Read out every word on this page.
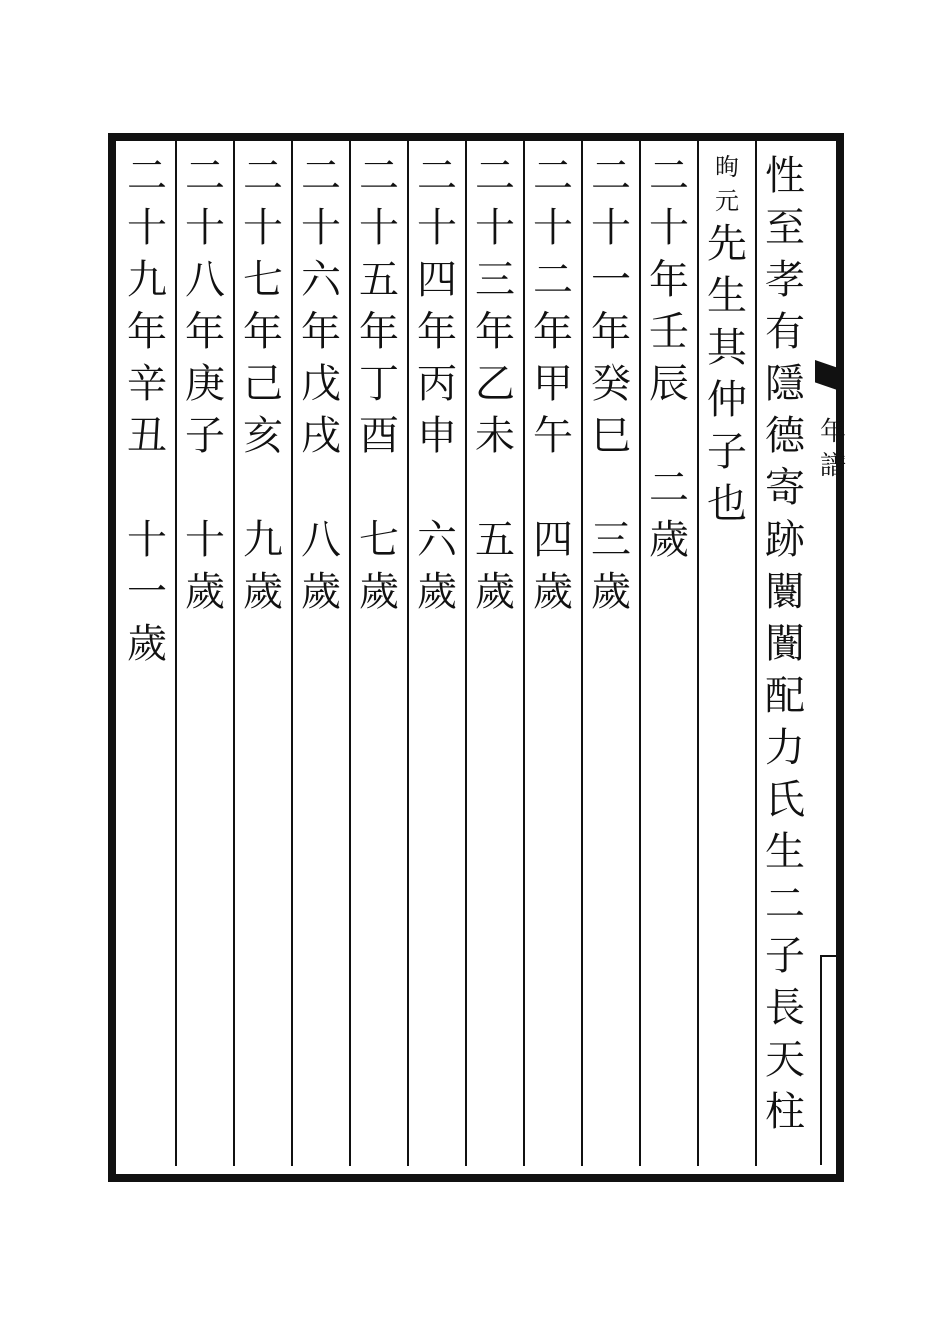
年
譜
性
至
孝
有
隱
德
寄
跡
闤
闠
配
力
氏
生
二
子
長
天
柱
㫬
元
先
生
其
仲
子
也
二
十
年
壬
辰
二
歲
二
十
一
年
癸
巳
三
歲
二
十
二
年
甲
午
四
歲
二
十
三
年
乙
未
五
歲
二
十
四
年
丙
申
六
歲
二
十
五
年
丁
酉
七
歲
二
十
六
年
戊
戌
八
歲
二
十
七
年
己
亥
九
歲
二
十
八
年
庚
子
十
歲
二
十
九
年
辛
丑
十
一
歲
